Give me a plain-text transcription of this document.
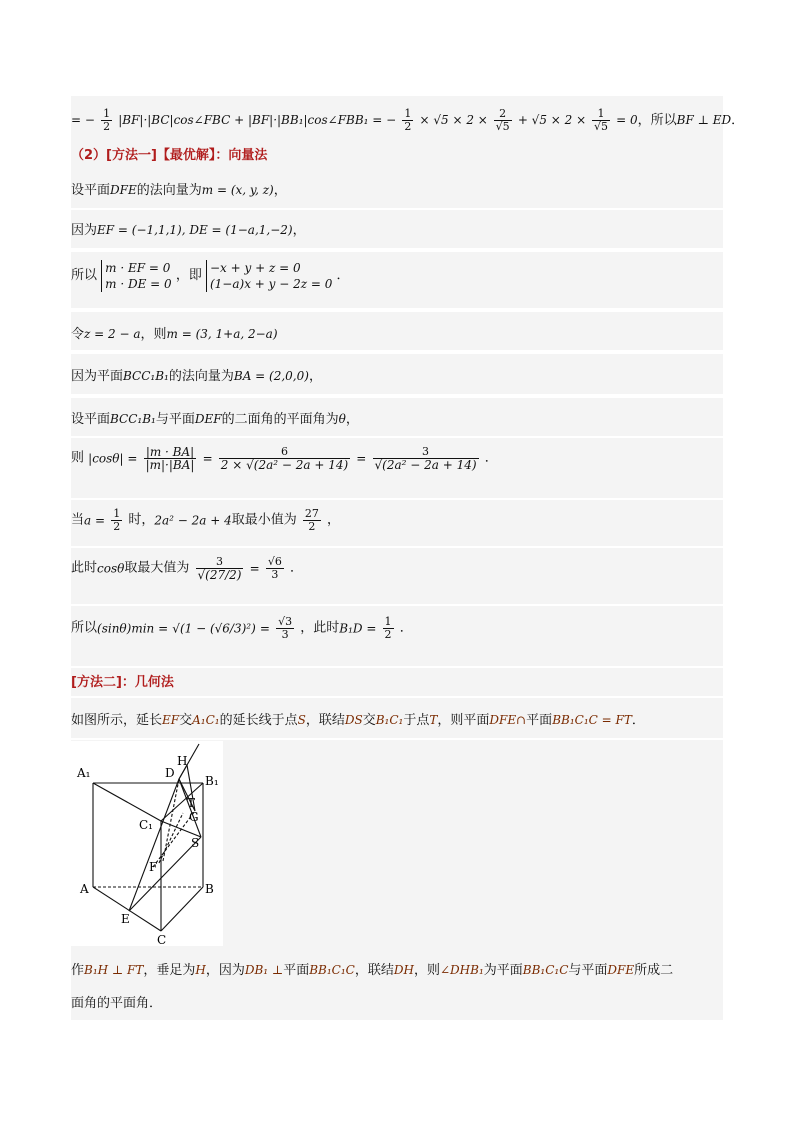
= − $\frac{1}{2}$ |BF|·|BC|cos∠FBC + |BF|·|BB₁|cos∠FBB₁ = − $\frac{1}{2} \times √5 \times 2 \times \frac{2}{√5} + √5 \times 2 \times \frac{1}{√5} = 0$，所以BF ⊥ ED．
（2）[方法一]【最优解】：向量法
设平面DFE的法向量为m = (x, y, z)，
因为EF = (−1,1,1), DE = (1−a,1,−2)，
所以 m · EF = 0
m · DE = 0
，即 −x + y + z = 0
(1−a)x + y − 2z = 0
．
令z = 2 − a，则m = (3, 1+a, 2−a)
因为平面BCC₁B₁的法向量为BA = (2,0,0)，
设平面BCC₁B₁与平面DEF的二面角的平面角为θ，
则 $|\cos\theta| = \frac{|m \cdot BA|}{|m|\cdot|BA|} = \frac{6}{\text{2 × √(2a² − 2a + 14)}} = \frac{3}{\text{√(2a² − 2a + 14)}}$ ．
当$a = \frac{1}{2}$ 时，2a² − 2a + 4取最小值为 $\frac{27}{2}$ ，
此时cosθ取最大值为 $\frac{3}{√(27/2)} = \frac{√6}{3}$ ．
所以$(\sin\theta)\min = √(1 - (√6/3)^2) = \frac{√3}{3}$ ，此时$B_1D = \frac{1}{2}$ ．
[方法二]：几何法
如图所示，延长EF交A₁C₁的延长线于点S，联结DS交B₁C₁于点T，则平面DFE∩平面BB₁C₁C = FT．
A₁
B₁
C₁
D
H
T
G
S
F
A	B
E
C
作B₁H ⊥ FT，垂足为H，因为DB₁ ⊥平面BB₁C₁C，联结DH，则∠DHB₁为平面BB₁C₁C与平面DFE所成二
面角的平面角．
